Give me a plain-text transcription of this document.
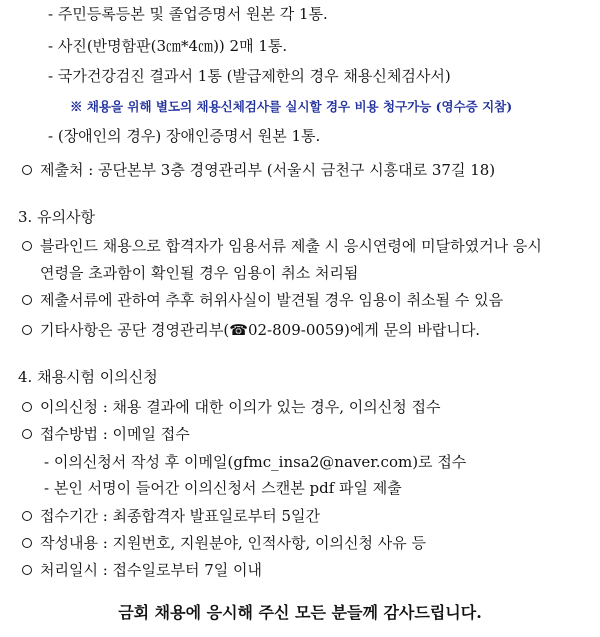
- 주민등록등본 및 졸업증명서 원본 각 1통.
- 사진(반명함판(3㎝*4㎝)) 2매 1통.
- 국가건강검진 결과서 1통 (발급제한의 경우 채용신체검사서)
※ 채용을 위해 별도의 채용신체검사를 실시할 경우 비용 청구가능 (영수증 지참)
- (장애인의 경우) 장애인증명서 원본 1통.
제출처 : 공단본부 3층 경영관리부 (서울시 금천구 시흥대로 37길 18)
3. 유의사항
블라인드 채용으로 합격자가 임용서류 제출 시 응시연령에 미달하였거나 응시
연령을 초과함이 확인될 경우 임용이 취소 처리됨
제출서류에 관하여 추후 허위사실이 발견될 경우 임용이 취소될 수 있음
기타사항은 공단 경영관리부( ☎ 02-809-0059)에게 문의 바랍니다.
4. 채용시험 이의신청
이의신청 : 채용 결과에 대한 이의가 있는 경우, 이의신청 접수
접수방법 : 이메일 접수
- 이의신청서 작성 후 이메일(gfmc_insa2@naver.com)로 접수
- 본인 서명이 들어간 이의신청서 스캔본 pdf 파일 제출
접수기간 : 최종합격자 발표일로부터 5일간
작성내용 : 지원번호, 지원분야, 인적사항, 이의신청 사유 등
처리일시 : 접수일로부터 7일 이내
금회 채용에 응시해 주신 모든 분들께 감사드립니다.
